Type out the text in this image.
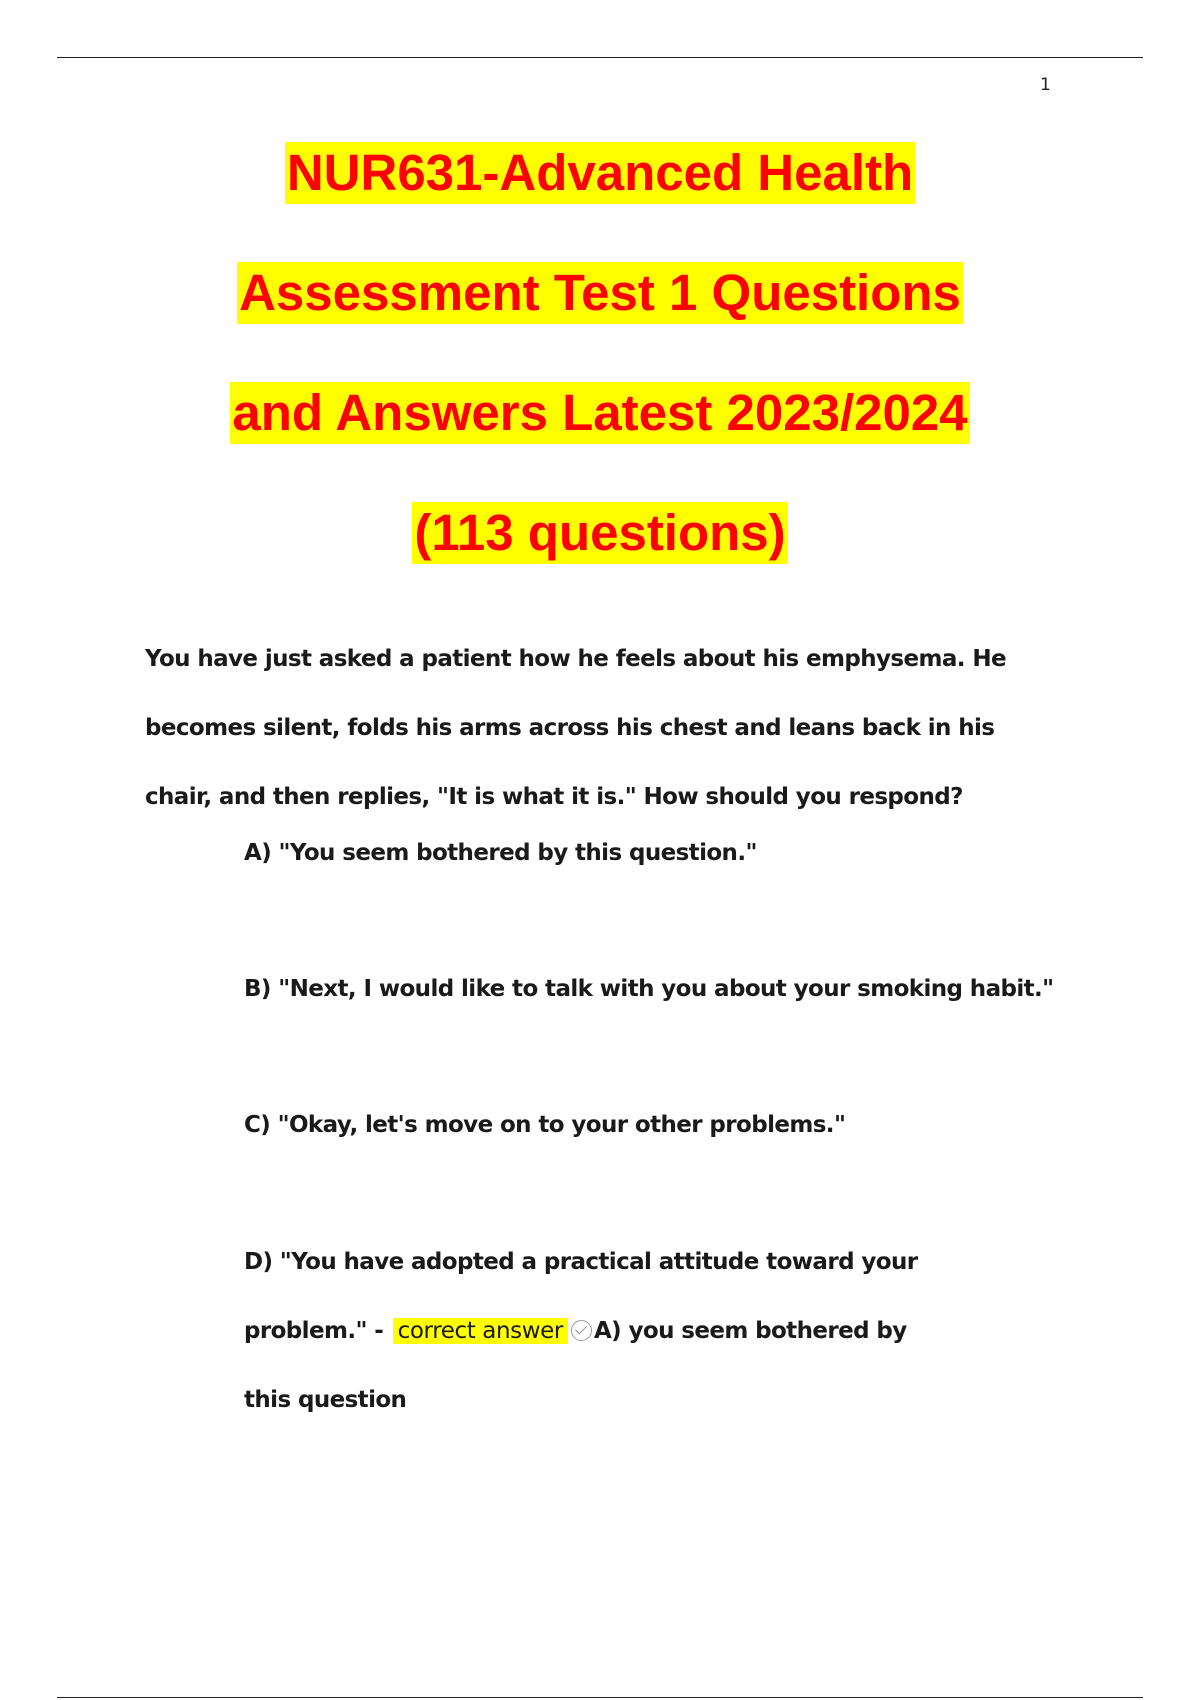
1
NUR631-Advanced Health
Assessment Test 1 Questions
and Answers Latest 2023/2024
(113 questions)
You have just asked a patient how he feels about his emphysema. He
becomes silent, folds his arms across his chest and leans back in his
chair, and then replies, "It is what it is." How should you respond?
A) "You seem bothered by this question."
B) "Next, I would like to talk with you about your smoking habit."
C) "Okay, let's move on to your other problems."
D) "You have adopted a practical attitude toward your
problem." - correct answer A) you seem bothered by
this question
